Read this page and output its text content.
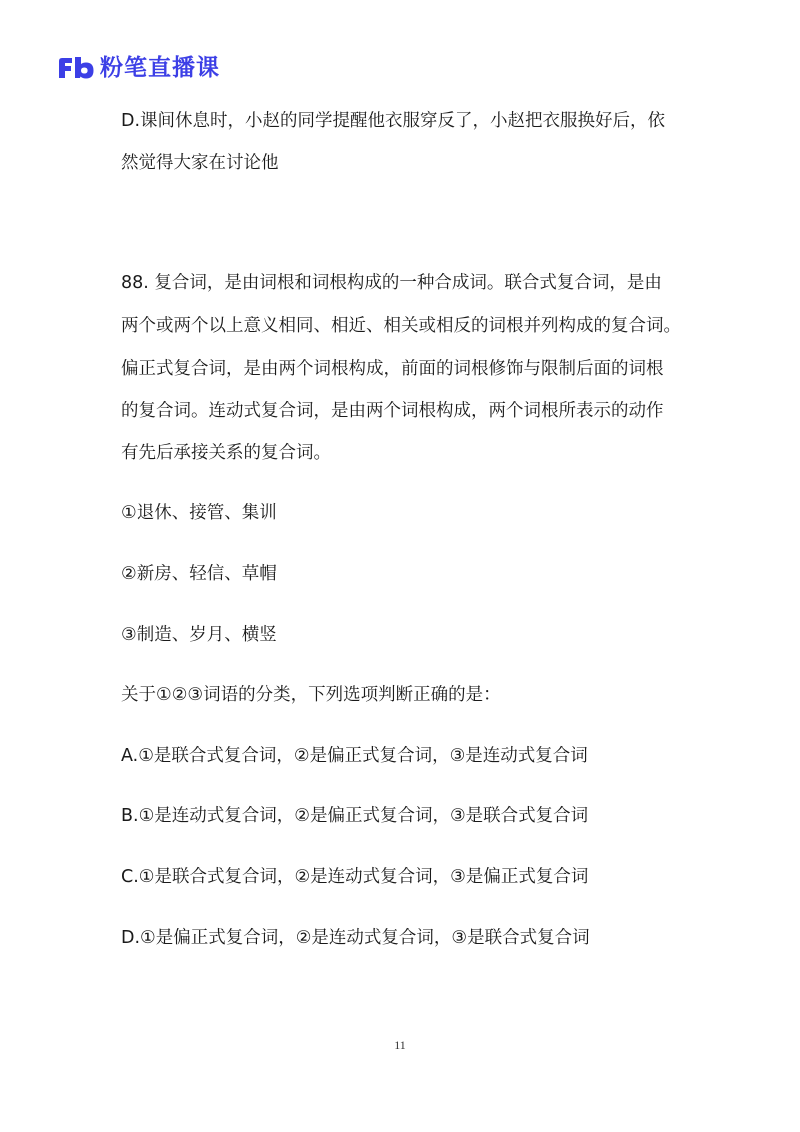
粉笔直播课

D.课间休息时，小赵的同学提醒他衣服穿反了，小赵把衣服换好后，依

然觉得大家在讨论他

88. 复合词，是由词根和词根构成的一种合成词。联合式复合词，是由

两个或两个以上意义相同、相近、相关或相反的词根并列构成的复合词。

偏正式复合词，是由两个词根构成，前面的词根修饰与限制后面的词根

的复合词。连动式复合词，是由两个词根构成，两个词根所表示的动作

有先后承接关系的复合词。

①退休、接管、集训

②新房、轻信、草帽

③制造、岁月、横竖

关于①②③词语的分类，下列选项判断正确的是：

A.①是联合式复合词，②是偏正式复合词，③是连动式复合词

B.①是连动式复合词，②是偏正式复合词，③是联合式复合词

C.①是联合式复合词，②是连动式复合词，③是偏正式复合词

D.①是偏正式复合词，②是连动式复合词，③是联合式复合词

11
